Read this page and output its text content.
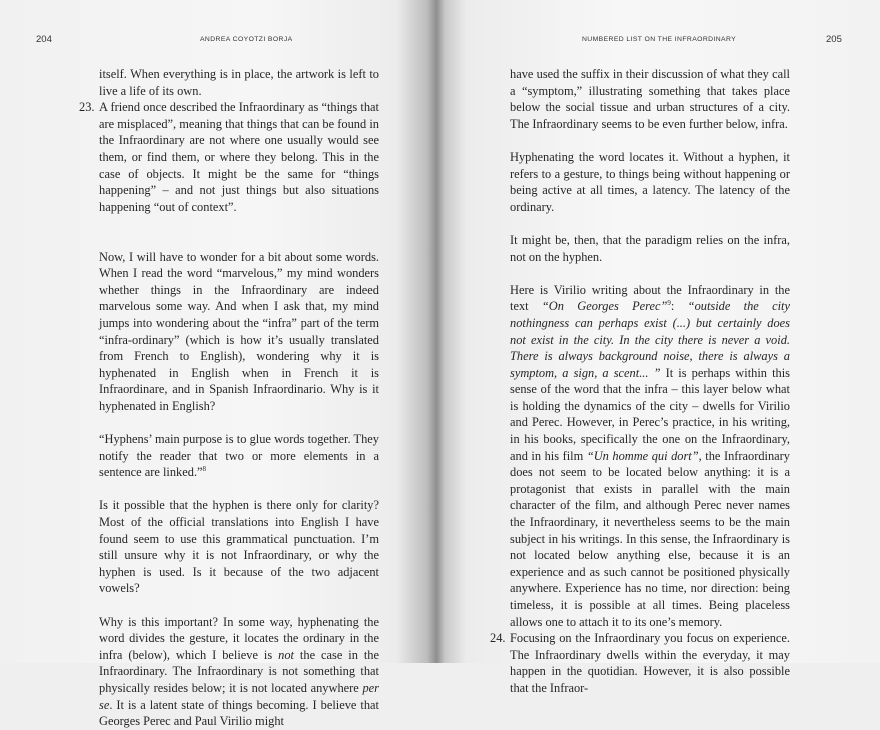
204	ANDREA COYOTZI BORJA

itself. When everything is in place, the artwork is left to live a life of its own.

23. A friend once described the Infraordinary as “things that are misplaced”, meaning that things that can be found in the Infraordinary are not where one usually would see them, or find them, or where they belong. This in the case of objects. It might be the same for “things happening” – and not just things but also situations happening “out of context”.

Now, I will have to wonder for a bit about some words. When I read the word “marvelous,” my mind wonders whether things in the Infraordinary are indeed marvelous some way. And when I ask that, my mind jumps into wondering about the “infra” part of the term “infra-ordinary” (which is how it’s usually translated from French to English), wondering why it is hyphenated in English when in French it is Infraordinare, and in Spanish Infraordinario. Why is it hyphenated in English?

“Hyphens’ main purpose is to glue words together. They notify the reader that two or more elements in a sentence are linked.”$^8$

Is it possible that the hyphen is there only for clarity? Most of the official translations into English I have found seem to use this grammatical punctuation. I’m still unsure why it is not Infraordinary, or why the hyphen is used. Is it because of the two adjacent vowels?

Why is this important? In some way, hyphenating the word divides the gesture, it locates the ordinary in the infra (below), which I believe is not the case in the Infraordinary. The Infraordinary is not something that physically resides below; it is not located anywhere per se. It is a latent state of things becoming. I believe that Georges Perec and Paul Virilio might

NUMBERED LIST ON THE INFRAORDINARY	205

have used the suffix in their discussion of what they call a “symptom,” illustrating something that takes place below the social tissue and urban structures of a city. The Infraordinary seems to be even further below, infra.

Hyphenating the word locates it. Without a hyphen, it refers to a gesture, to things being without happening or being active at all times, a latency. The latency of the ordinary.

It might be, then, that the paradigm relies on the infra, not on the hyphen.

Here is Virilio writing about the Infraordinary in the text “On Georges Perec”$^9$: “outside the city nothingness can perhaps exist (...) but certainly does not exist in the city. In the city there is never a void. There is always background noise, there is always a symptom, a sign, a scent... ” It is perhaps within this sense of the word that the infra – this layer below what is holding the dynamics of the city – dwells for Virilio and Perec. However, in Perec’s practice, in his writing, in his books, specifically the one on the Infraordinary, and in his film “Un homme qui dort”, the Infraordinary does not seem to be located below anything: it is a protagonist that exists in parallel with the main character of the film, and although Perec never names the Infraordinary, it nevertheless seems to be the main subject in his writings. In this sense, the Infraordinary is not located below anything else, because it is an experience and as such cannot be positioned physically anywhere. Experience has no time, nor direction: being timeless, it is possible at all times. Being placeless allows one to attach it to its one’s memory.

24. Focusing on the Infraordinary you focus on experience. The Infraordinary dwells within the everyday, it may happen in the quotidian. However, it is also possible that the Infraor-
